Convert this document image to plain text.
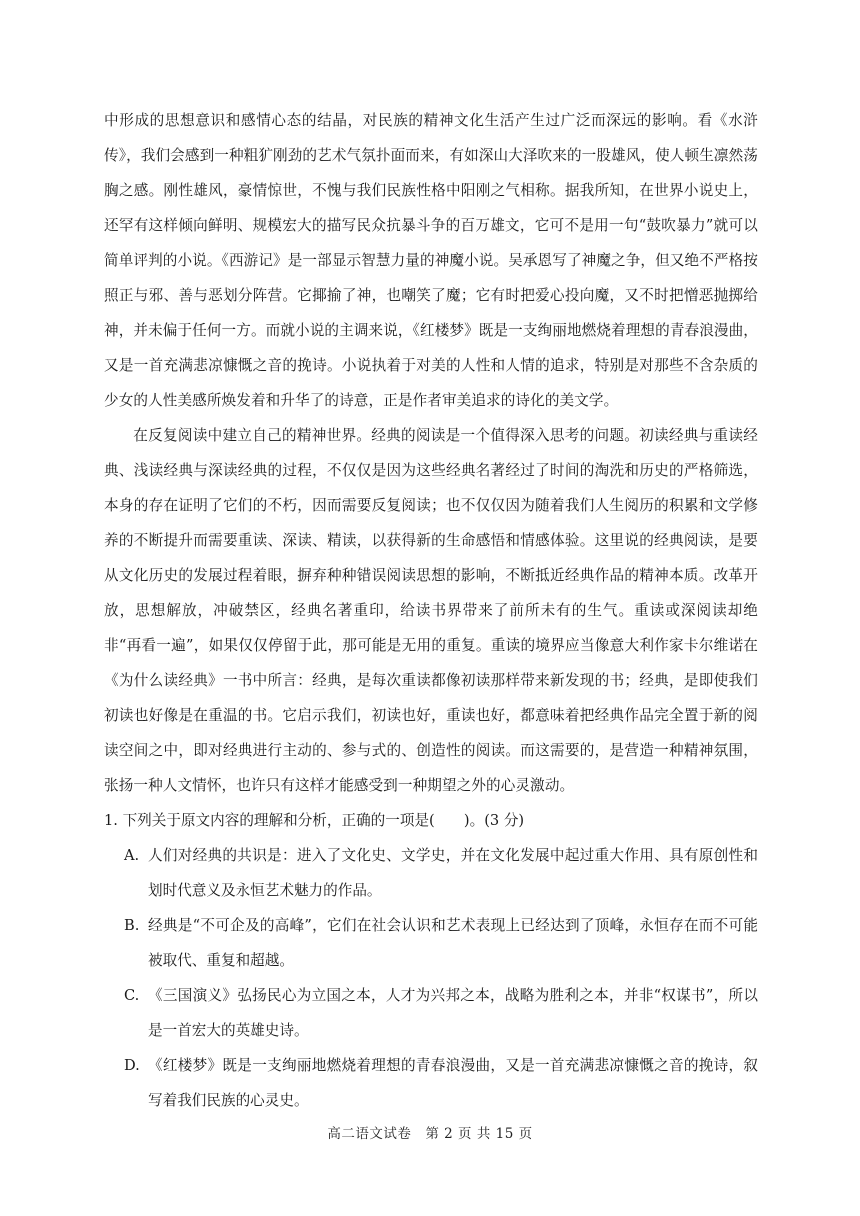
中形成的思想意识和感情心态的结晶，对民族的精神文化生活产生过广泛而深远的影响。看《水浒传》，我们会感到一种粗犷刚劲的艺术气氛扑面而来，有如深山大泽吹来的一股雄风，使人顿生凛然荡胸之感。刚性雄风，豪情惊世，不愧与我们民族性格中阳刚之气相称。据我所知，在世界小说史上，还罕有这样倾向鲜明、规模宏大的描写民众抗暴斗争的百万雄文，它可不是用一句“鼓吹暴力”就可以简单评判的小说。《西游记》是一部显示智慧力量的神魔小说。吴承恩写了神魔之争，但又绝不严格按照正与邪、善与恶划分阵营。它揶揄了神，也嘲笑了魔；它有时把爱心投向魔，又不时把憎恶抛掷给神，并未偏于任何一方。而就小说的主调来说，《红楼梦》既是一支绚丽地燃烧着理想的青春浪漫曲，又是一首充满悲凉慷慨之音的挽诗。小说执着于对美的人性和人情的追求，特别是对那些不含杂质的少女的人性美感所焕发着和升华了的诗意，正是作者审美追求的诗化的美文学。

在反复阅读中建立自己的精神世界。经典的阅读是一个值得深入思考的问题。初读经典与重读经典、浅读经典与深读经典的过程，不仅仅是因为这些经典名著经过了时间的淘洗和历史的严格筛选，本身的存在证明了它们的不朽，因而需要反复阅读；也不仅仅因为随着我们人生阅历的积累和文学修养的不断提升而需要重读、深读、精读，以获得新的生命感悟和情感体验。这里说的经典阅读，是要从文化历史的发展过程着眼，摒弃种种错误阅读思想的影响，不断抵近经典作品的精神本质。改革开放，思想解放，冲破禁区，经典名著重印，给读书界带来了前所未有的生气。重读或深阅读却绝非“再看一遍”，如果仅仅停留于此，那可能是无用的重复。重读的境界应当像意大利作家卡尔维诺在《为什么读经典》一书中所言：经典，是每次重读都像初读那样带来新发现的书；经典，是即使我们初读也好像是在重温的书。它启示我们，初读也好，重读也好，都意味着把经典作品完全置于新的阅读空间之中，即对经典进行主动的、参与式的、创造性的阅读。而这需要的，是营造一种精神氛围，张扬一种人文情怀，也许只有这样才能感受到一种期望之外的心灵激动。

1. 下列关于原文内容的理解和分析，正确的一项是(　　)。(3 分)

A. 人们对经典的共识是：进入了文化史、文学史，并在文化发展中起过重大作用、具有原创性和划时代意义及永恒艺术魅力的作品。
B. 经典是“不可企及的高峰”，它们在社会认识和艺术表现上已经达到了顶峰，永恒存在而不可能被取代、重复和超越。
C. 《三国演义》弘扬民心为立国之本，人才为兴邦之本，战略为胜利之本，并非“权谋书”，所以是一首宏大的英雄史诗。
D. 《红楼梦》既是一支绚丽地燃烧着理想的青春浪漫曲，又是一首充满悲凉慷慨之音的挽诗，叙写着我们民族的心灵史。
高二语文试卷　第 2 页 共 15 页
